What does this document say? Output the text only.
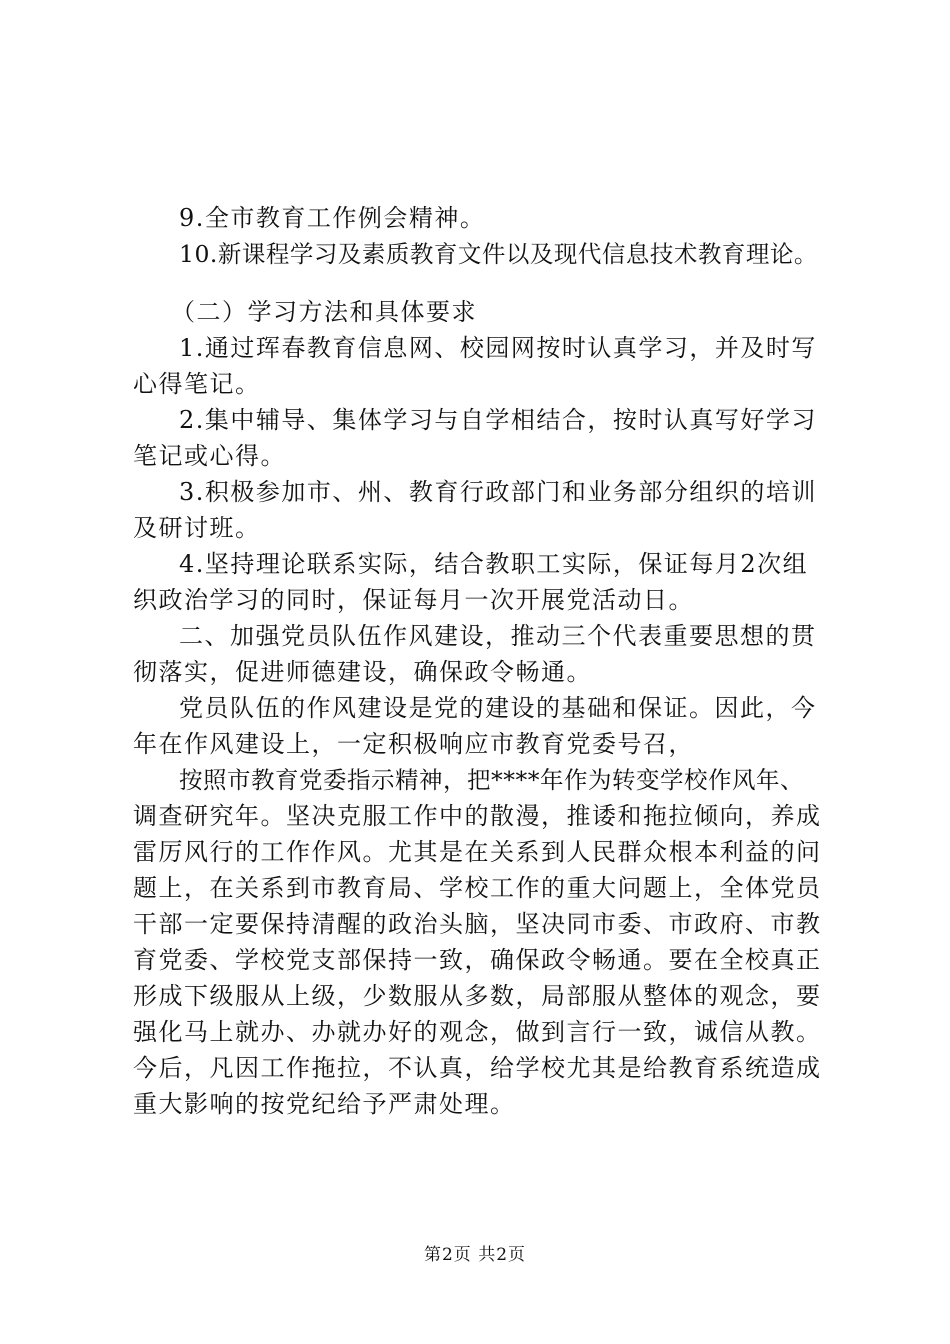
9.全市教育工作例会精神。

10.新课程学习及素质教育文件以及现代信息技术教育理论。

（二）学习方法和具体要求

1.通过珲春教育信息网、校园网按时认真学习，并及时写

心得笔记。

2.集中辅导、集体学习与自学相结合，按时认真写好学习

笔记或心得。

3.积极参加市、州、教育行政部门和业务部分组织的培训

及研讨班。

4.坚持理论联系实际，结合教职工实际，保证每月2次组

织政治学习的同时，保证每月一次开展党活动日。

二、加强党员队伍作风建设，推动三个代表重要思想的贯

彻落实，促进师德建设，确保政令畅通。

党员队伍的作风建设是党的建设的基础和保证。因此，今

年在作风建设上，一定积极响应市教育党委号召，

按照市教育党委指示精神，把****年作为转变学校作风年、

调查研究年。坚决克服工作中的散漫，推诿和拖拉倾向，养成

雷厉风行的工作作风。尤其是在关系到人民群众根本利益的问

题上，在关系到市教育局、学校工作的重大问题上，全体党员

干部一定要保持清醒的政治头脑，坚决同市委、市政府、市教

育党委、学校党支部保持一致，确保政令畅通。要在全校真正

形成下级服从上级，少数服从多数，局部服从整体的观念，要

强化马上就办、办就办好的观念，做到言行一致，诚信从教。

今后，凡因工作拖拉，不认真，给学校尤其是给教育系统造成

重大影响的按党纪给予严肃处理。

第2页 共2页
